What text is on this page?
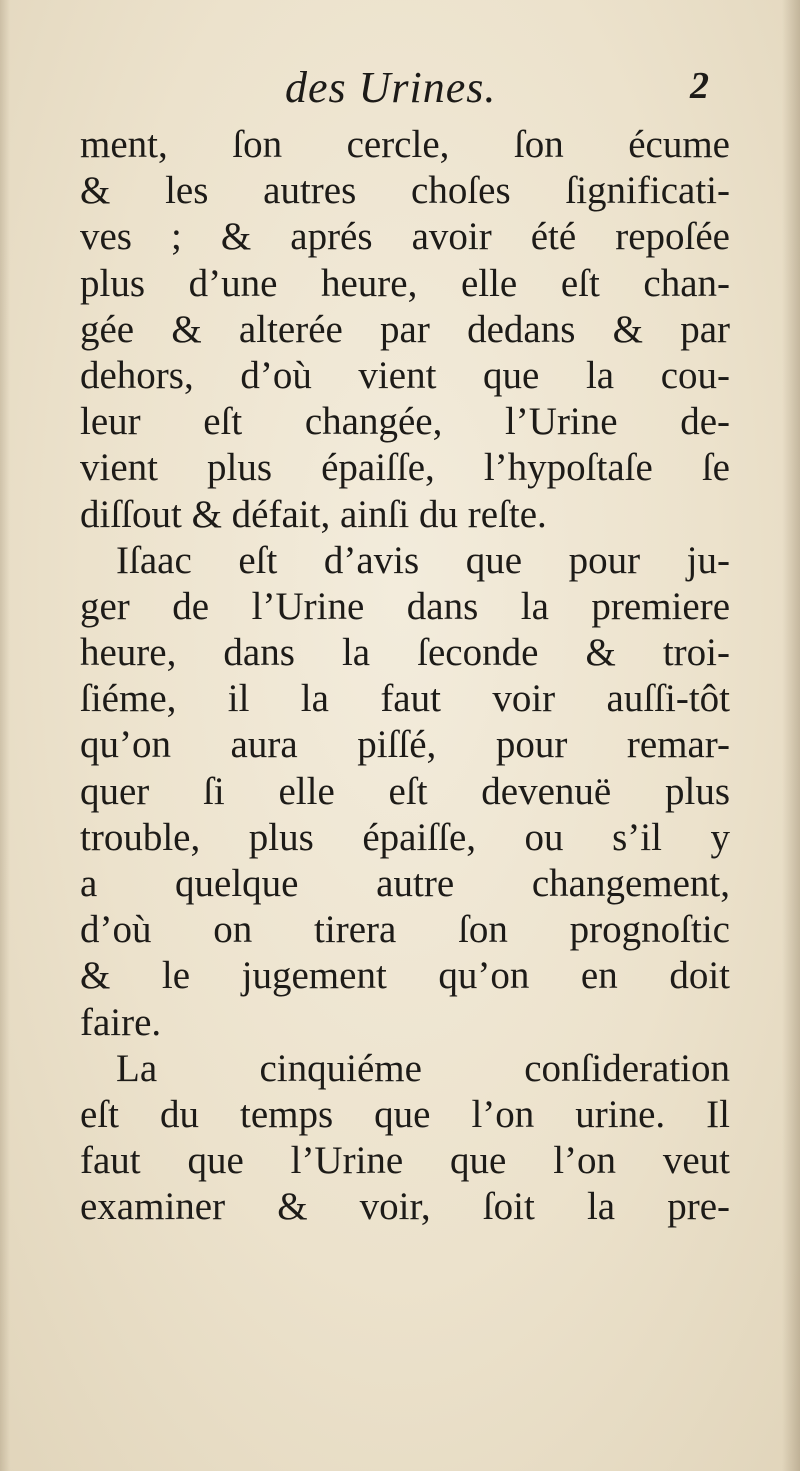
des Urines.	2
ment, ſon cercle, ſon écume
& les autres choſes ſignificati-
ves ; & aprés avoir été repoſée
plus d’une heure, elle eſt chan-
gée & alterée par dedans & par
dehors, d’où vient que la cou-
leur eſt changée, l’Urine de-
vient plus épaiſſe, l’hypoſtaſe ſe
diſſout & défait, ainſi du reſte.
Iſaac eſt d’avis que pour ju-
ger de l’Urine dans la premiere
heure, dans la ſeconde & troi-
ſiéme, il la faut voir auſſi-tôt
qu’on aura piſſé, pour remar-
quer ſi elle eſt devenuë plus
trouble, plus épaiſſe, ou s’il y
a quelque autre changement,
d’où on tirera ſon prognoſtic
& le jugement qu’on en doit
faire.
La cinquiéme conſideration
eſt du temps que l’on urine. Il
faut que l’Urine que l’on veut
examiner & voir, ſoit la pre-
